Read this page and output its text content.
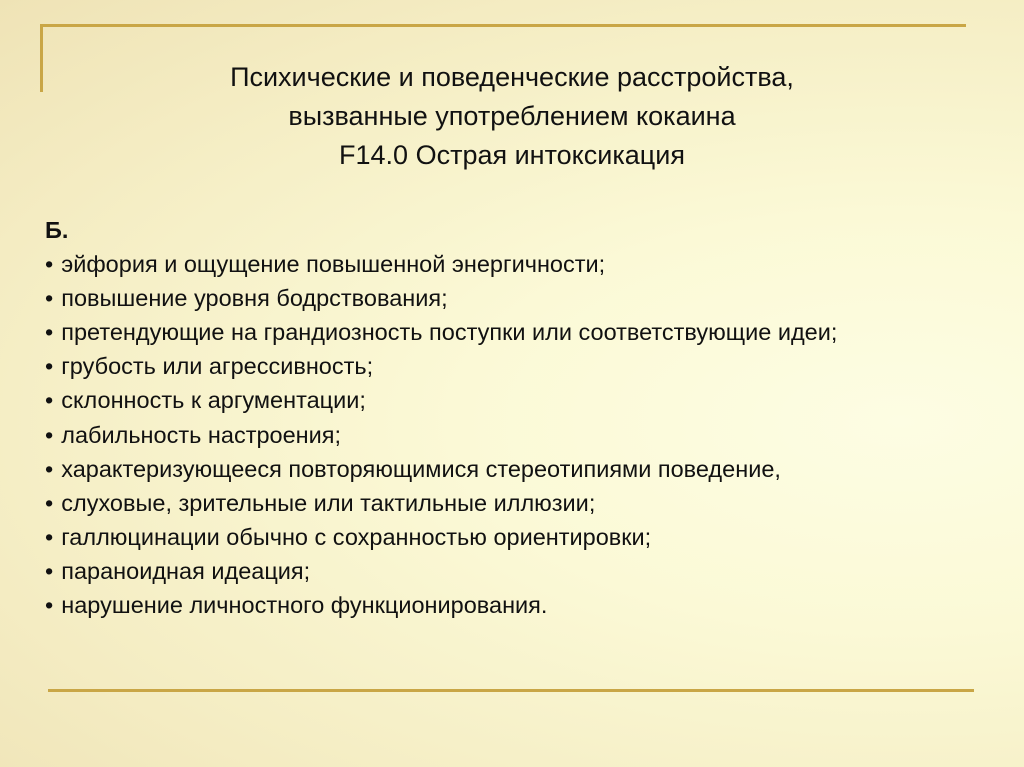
Психические и поведенческие расстройства,
вызванные употреблением кокаина
F14.0 Острая интоксикация
Б.
• эйфория и ощущение повышенной энергичности;
• повышение уровня бодрствования;
• претендующие на грандиозность поступки или соответствующие идеи;
• грубость или агрессивность;
• склонность к аргументации;
• лабильность настроения;
• характеризующееся повторяющимися стереотипиями поведение,
• слуховые, зрительные или тактильные иллюзии;
• галлюцинации обычно с сохранностью ориентировки;
• параноидная идеация;
• нарушение личностного функционирования.
